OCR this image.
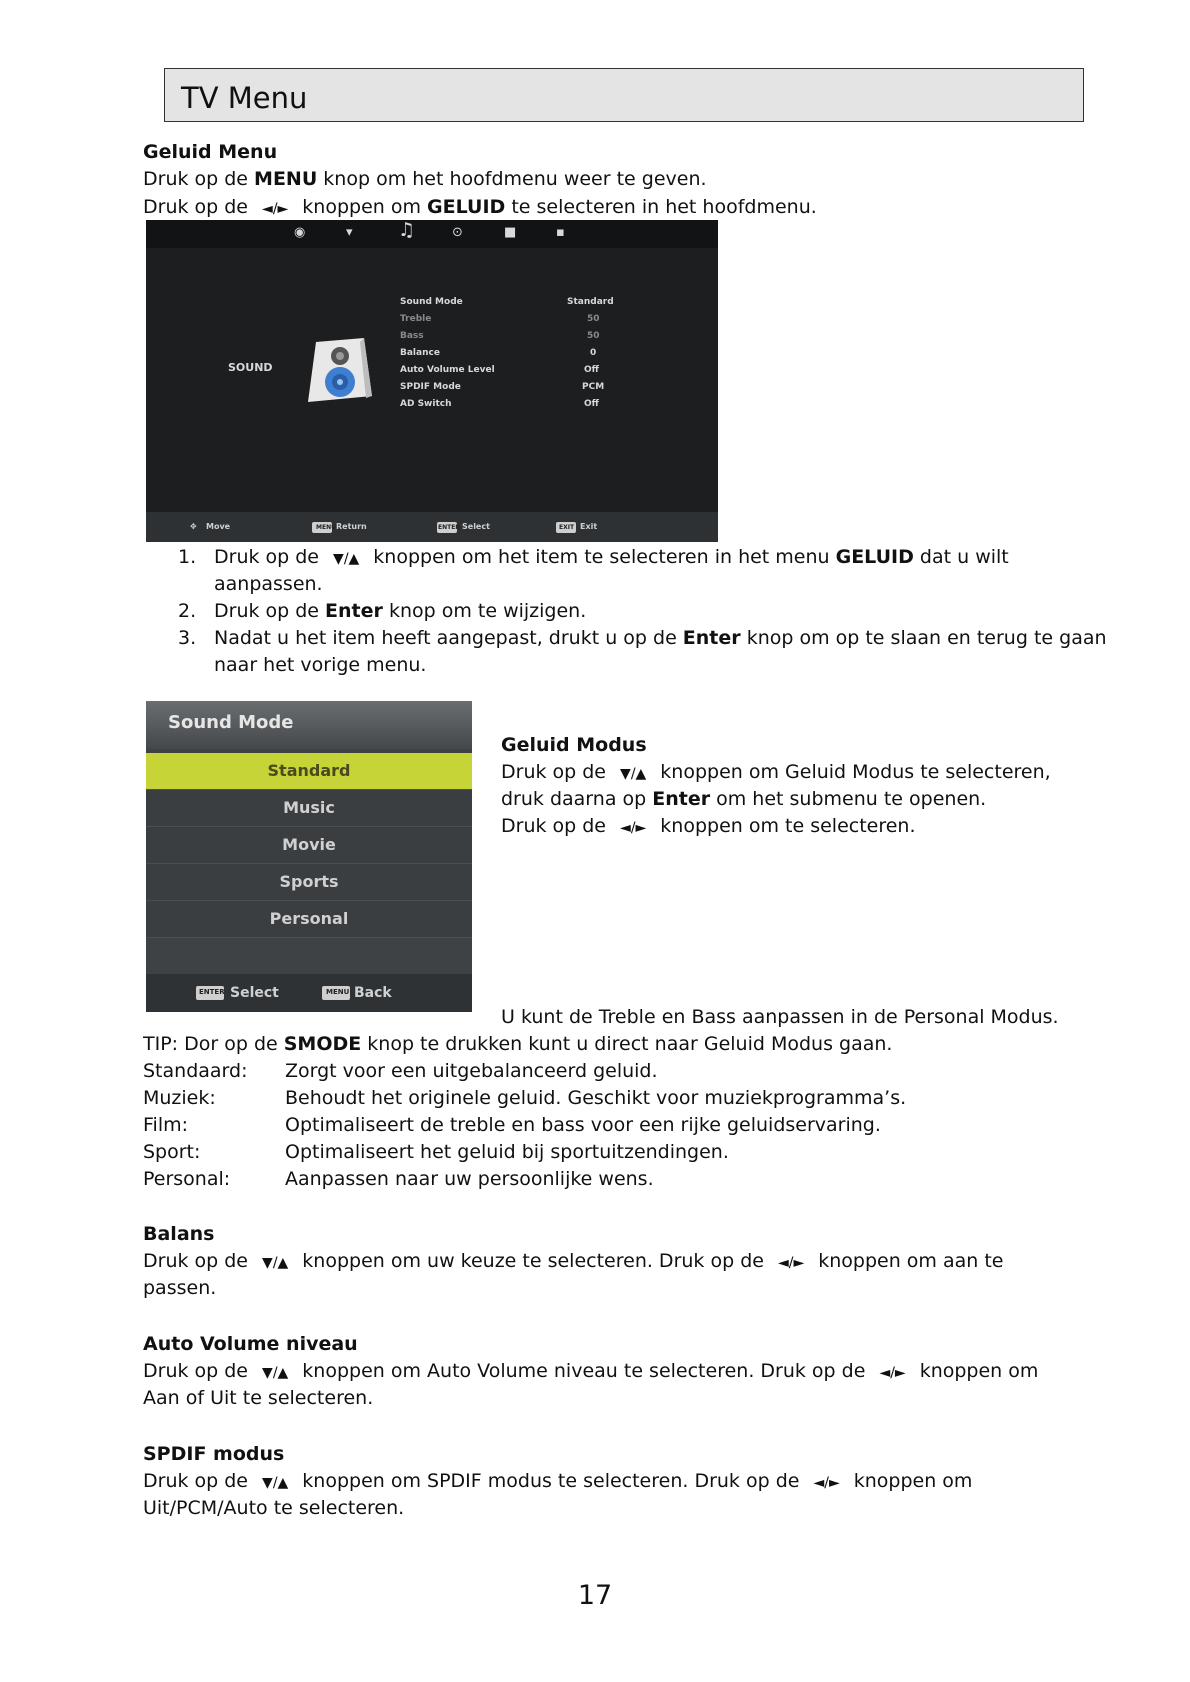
TV Menu
Geluid Menu
Druk op de MENU knop om het hoofdmenu weer te geven.
Druk op de ◄/► knoppen om GELUID te selecteren in het hoofdmenu.
◉	▾ ♫	⊙	■	▪
SOUND
Sound Mode	Standard
Treble	50
Bass	50
Balance	0
Auto Volume Level	Off
SPDIF Mode	PCM
AD Switch	Off
✥ Move	MENU Return	ENTER Select	EXIT Exit
1. Druk op de ▼/▲ knoppen om het item te selecteren in het menu GELUID dat u wilt
aanpassen.
2. Druk op de Enter knop om te wijzigen.
3. Nadat u het item heeft aangepast, drukt u op de Enter knop om op te slaan en terug te gaan
naar het vorige menu.
Sound Mode
Standard
Music
Movie
Sports
Personal
ENTER Select	MENU Back
Geluid Modus
Druk op de ▼/▲ knoppen om Geluid Modus te selecteren,
druk daarna op Enter om het submenu te openen.
Druk op de ◄/► knoppen om te selecteren.
U kunt de Treble en Bass aanpassen in de Personal Modus.
TIP: Dor op de SMODE knop te drukken kunt u direct naar Geluid Modus gaan.
Standaard: Zorgt voor een uitgebalanceerd geluid.
Muziek:	Behoudt het originele geluid. Geschikt voor muziekprogramma’s.
Film:	Optimaliseert de treble en bass voor een rijke geluidservaring.
Sport:	Optimaliseert het geluid bij sportuitzendingen.
Personal:	Aanpassen naar uw persoonlijke wens.
Balans
Druk op de ▼/▲ knoppen om uw keuze te selecteren. Druk op de ◄/► knoppen om aan te
passen.
Auto Volume niveau
Druk op de ▼/▲ knoppen om Auto Volume niveau te selecteren. Druk op de ◄/► knoppen om
Aan of Uit te selecteren.
SPDIF modus
Druk op de ▼/▲ knoppen om SPDIF modus te selecteren. Druk op de ◄/► knoppen om
Uit/PCM/Auto te selecteren.
17
